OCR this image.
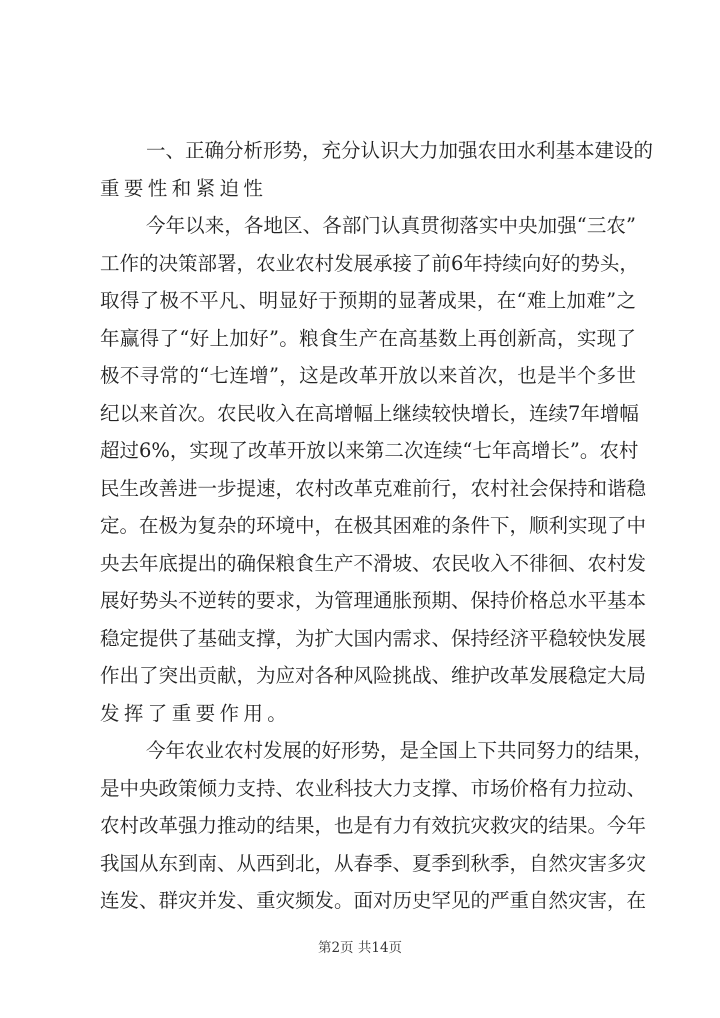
一、正确分析形势，充分认识大力加强农田水利基本建设的
重要性和紧迫性
今年以来，各地区、各部门认真贯彻落实中央加强“三农”
工作的决策部署，农业农村发展承接了前6年持续向好的势头，
取得了极不平凡、明显好于预期的显著成果，在“难上加难”之
年赢得了“好上加好”。粮食生产在高基数上再创新高，实现了
极不寻常的“七连增”，这是改革开放以来首次，也是半个多世
纪以来首次。农民收入在高增幅上继续较快增长，连续7年增幅
超过6%，实现了改革开放以来第二次连续“七年高增长”。农村
民生改善进一步提速，农村改革克难前行，农村社会保持和谐稳
定。在极为复杂的环境中，在极其困难的条件下，顺利实现了中
央去年底提出的确保粮食生产不滑坡、农民收入不徘徊、农村发
展好势头不逆转的要求，为管理通胀预期、保持价格总水平基本
稳定提供了基础支撑，为扩大国内需求、保持经济平稳较快发展
作出了突出贡献，为应对各种风险挑战、维护改革发展稳定大局
发挥了重要作用。
今年农业农村发展的好形势，是全国上下共同努力的结果，
是中央政策倾力支持、农业科技大力支撑、市场价格有力拉动、
农村改革强力推动的结果，也是有力有效抗灾救灾的结果。今年
我国从东到南、从西到北，从春季、夏季到秋季，自然灾害多灾
连发、群灾并发、重灾频发。面对历史罕见的严重自然灾害，在
第2页 共14页
